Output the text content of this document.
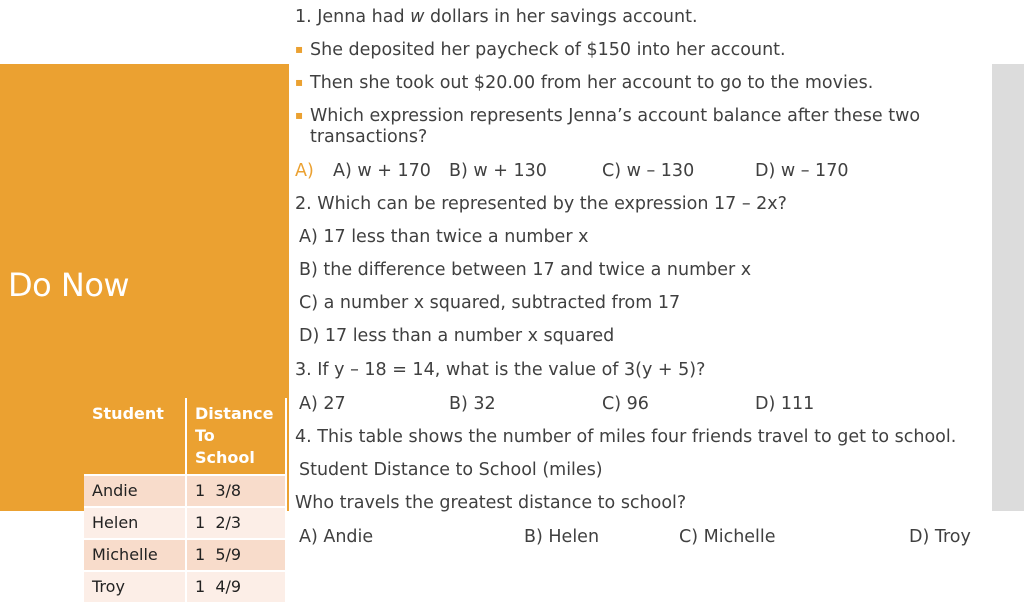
Do Now
1. Jenna had w dollars in her savings account.
▪ She deposited her paycheck of $150 into her account.
▪ Then she took out $20.00 from her account to go to the movies.
▪ Which expression represents Jenna’s account balance after these two
transactions?
A) A) w + 170 B) w + 130	C) w – 130	D) w – 170
2. Which can be represented by the expression 17 – 2x?
A) 17 less than twice a number x
B) the difference between 17 and twice a number x
C) a number x squared, subtracted from 17
D) 17 less than a number x squared
3. If y – 18 = 14, what is the value of 3(y + 5)?
A) 27	B) 32	C) 96	D) 111
4. This table shows the number of miles four friends travel to get to school.
Student Distance to School (miles)
Who travels the greatest distance to school?
A) Andie	B) Helen	C) Michelle	D) Troy
Student	Distance To School
Andie	1  3/8
Helen	1  2/3
Michelle	1  5/9
Troy	1  4/9
